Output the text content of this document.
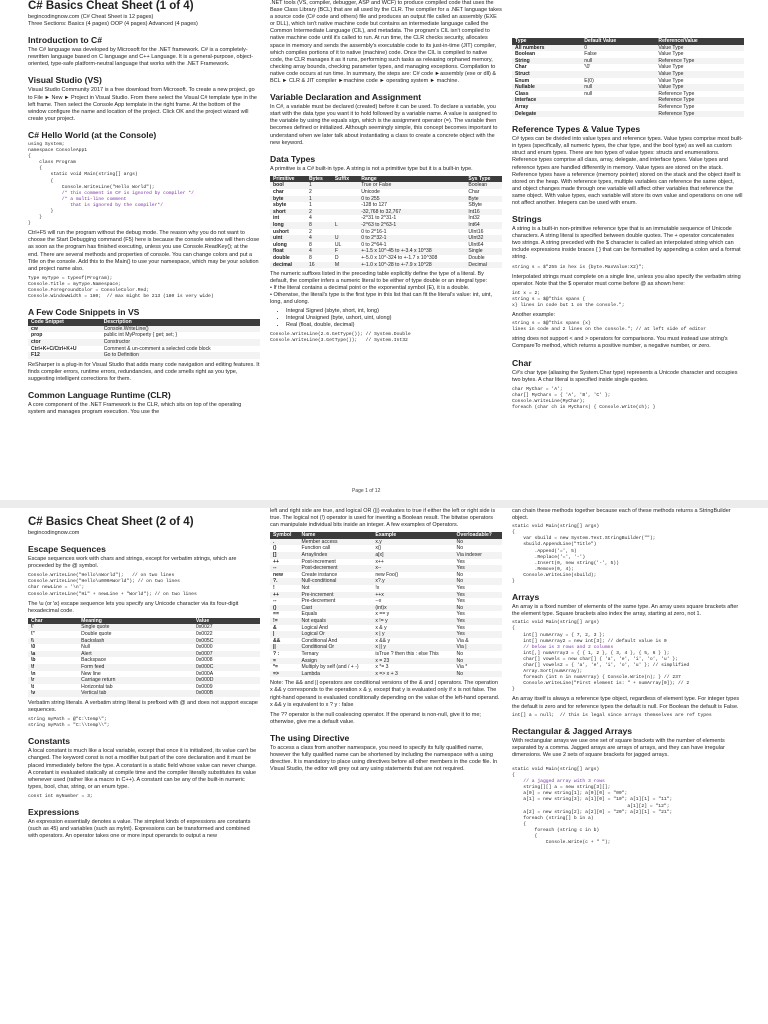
C# Basics Cheat Sheet (1 of 4)

begincodingnow.com (C# Cheat Sheet is 12 pages)

Three Sections: Basics (4 pages) OOP (4 pages) Advanced (4 pages)

Introduction to C#

The C# language was developed by Microsoft for the .NET framework. C# is a completely-rewritten language based on C language and C++ Language. It is a general-purpose, object-oriented, type-safe platform-neutral language that works with the .NET Framework.

Visual Studio (VS)

Visual Studio Community 2017 is a free download from Microsoft. To create a new project, go to File ► New ► Project in Visual Studio. From there select the Visual C# template type in the left frame. Then select the Console App template in the right frame. At the bottom of the window configure the name and location of the project. Click OK and the project wizard will create your project.

C# Hello World (at the Console)
using System;
namespace ConsoleApp1
{
class Program
{
static void Main(string[] args)
{
Console.WriteLine("Hello World");
/* this comment in C# is ignored by compiler */
/* a multi-line comment
that is ignored by the compiler*/
}
}
}

Ctrl+F5 will run the program without the debug mode. The reason why you do not want to choose the Start Debugging command (F5) here is because the console window will then close as soon as the program has finished executing, unless you use Console.ReadKey(); at the end. There are several methods and properties of console. You can change colors and put a Title on the console. Add this to the Main() to use your namespace, which may be your solution and project name also.

Type myType = typeof(Program);
Console.Title = myType.Namespace;
Console.ForegroundColor = ConsoleColor.Red;
Console.WindowWidth = 180;  // max might be 213 (180 is very wide)
A Few Code Snippets in VS
Code Snippet	Description
cw	Console.WriteLine()
prop	public int MyProperty { get; set; }
ctor	Constructor
Ctrl+K+C/Ctrl+K+U	Comment & un-comment a selected code block
F12	Go to Definition

ReSharper is a plug-in for Visual Studio that adds many code navigation and editing features. It finds compiler errors, runtime errors, redundancies, and code smells right as you type, suggesting intelligent corrections for them.

Common Language Runtime (CLR)

A core component of the .NET Framework is the CLR, which sits on top of the operating system and manages program execution. You use the

.NET tools (VS, compiler, debugger, ASP and WCF) to produce compiled code that uses the Base Class Library (BCL) that are all used by the CLR. The compiler for a .NET language takes a source code (C# code and others) file and produces an output file called an assembly (EXE or DLL), which isn't native machine code but contains an intermediate language called the Common Intermediate Language (CIL), and metadata. The program's CIL isn't compiled to native machine code until it's called to run. At run time, the CLR checks security, allocates space in memory and sends the assembly's executable code to its just-in-time (JIT) compiler, which compiles portions of it to native (machine) code. Once the CIL is compiled to native code, the CLR manages it as it runs, performing such tasks as releasing orphaned memory, checking array bounds, checking parameter types, and managing exceptions. Compilation to native code occurs at run time. In summary, the steps are: C# code ►assembly (exe or dll) & BCL ► CLR & JIT compiler ►machine code ► operating system ► machine.

Variable Declaration and Assignment

In C#, a variable must be declared (created) before it can be used. To declare a variable, you start with the data type you want it to hold followed by a variable name. A value is assigned to the variable by using the equals sign, which is the assignment operator (=). The variable then becomes defined or initialized. Although seemingly simple, this concept becomes important to understand when we later talk about instantiating a class to create a concrete object with the new keyword.

Data Types

A primitive is a C# built-in type. A string is not a primitive type but it is a built-in type.

Primitive	Bytes	Suffix	Range	Sys Type
bool	1		True or False	Boolean
char	2		Unicode	Char
byte	1		0 to 255	Byte
sbyte	1		-128 to 127	SByte
short	2		-32,768 to 32,767	Int16
int	4		-2^31 to 2^31-1	Int32
long	8	L	-2^63 to 2^63-1	Int64
ushort	2		0 to 2^16-1	UInt16
uint	4	U	0 to 2^32-1	UInt32
ulong	8	UL	0 to 2^64-1	UInt64
float	4	F	+-1.5 x 10^-45 to +-3.4 x 10^38	Single
double	8	D	+-5.0 x 10^-324 to +-1.7 x 10^308	Double
decimal	16	M	+-1.0 x 10^-28 to +-7.9 x 10^28	Decimal

The numeric suffixes listed in the preceding table explicitly define the type of a literal. By default, the compiler infers a numeric literal to be either of type double or an integral type:

• If the literal contains a decimal point or the exponential symbol (E), it is a double.

• Otherwise, the literal's type is the first type in this list that can fit the literal's value: int, uint, long, and ulong.

• Integral Signed (sbyte, short, int, long)
• Integral Unsigned (byte, ushort, uint, ulong)
• Real (float, double, decimal)
Console.WriteLine(2.6.GetType()); // System.Double
Console.WriteLine(3.GetType());   // System.Int32
Type	Default Value	Reference/Value
All numbers	0	Value Type
Boolean	False	Value Type
String	null	Reference Type
Char	'\0'	Value Type
Struct		Value Type
Enum	E(0)	Value Type
Nullable	null	Value Type
Class	null	Reference Type
Interface		Reference Type
Array		Reference Type
Delegate		Reference Type
Reference Types & Value Types

C# types can be divided into value types and reference types. Value types comprise most built-in types (specifically, all numeric types, the char type, and the bool type) as well as custom struct and enum types. There are two types of value types: structs and enumerations. Reference types comprise all class, array, delegate, and interface types. Value types and reference types are handled differently in memory. Value types are stored on the stack. Reference types have a reference (memory pointer) stored on the stack and the object itself is stored on the heap. With reference types, multiple variables can reference the same object, and object changes made through one variable will affect other variables that reference the same object. With value types, each variable will store its own value and operations on one will not affect another. Integers can be used with enum.

Strings

A string is a built-in non-primitive reference type that is an immutable sequence of Unicode characters. A string literal is specified between double quotes. The + operator concatenates two strings. A string preceded with the $ character is called an interpolated string which can include expressions inside braces { } that can be formatted by appending a colon and a format string.

string s = $"255 in hex is {byte.MaxValue:X2}";

Interpolated strings must complete on a single line, unless you also specify the verbatim string operator. Note that the $ operator must come before @ as shown here:

int x = 2;
string s = $@"this spans {
x} lines in code but 1 on the console.";

Another example:

string s = $@"this spans {x}
lines in code and 2 lines on the console."; // at left side of editor

string does not support < and > operators for comparisons. You must instead use string's CompareTo method, which returns a positive number, a negative number, or zero.

Char

C#'s char type (aliasing the System.Char type) represents a Unicode character and occupies two bytes. A char literal is specified inside single quotes.

char MyChar = 'A';
char[] MyChars = { 'A', 'B', 'C' };
Console.WriteLine(MyChar);
foreach (char ch in MyChars) { Console.Write(ch); }
Page 1 of 12
C# Basics Cheat Sheet (2 of 4)

begincodingnow.com

Escape Sequences

Escape sequences work with chars and strings, except for verbatim strings, which are proceeded by the @ symbol.

Console.WriteLine("Hello\nWorld");   // on two lines
Console.WriteLine("Hello\u000AWorld"); // on two lines
char newLine = '\n';
Console.WriteLine("Hi" + newLine + "World"); // on two lines

The \u (or \x) escape sequence lets you specify any Unicode character via its four-digit hexadecimal code.

Char	Meaning	Value
\'	Single quote	0x0027
\"	Double quote	0x0022
\\	Backslash	0x005C
\0	Null	0x0000
\a	Alert	0x0007
\b	Backspace	0x0008
\f	Form feed	0x000C
\n	New line	0x000A
\r	Carriage return	0x000D
\t	Horizontal tab	0x0009
\v	Vertical tab	0x000B

Verbatim string literals. A verbatim string literal is prefixed with @ and does not support escape sequences.

string myPath = @"C:\temp\";
string myPath = "C:\\temp\\";
Constants

A local constant is much like a local variable, except that once it is initialized, its value can't be changed. The keyword const is not a modifier but part of the core declaration and it must be placed immediately before the type. A constant is a static field whose value can never change. A constant is evaluated statically at compile time and the compiler literally substitutes its value whenever used (rather like a macro in C++). A constant can be any of the built-in numeric types, bool, char, string, or an enum type.

const int myNumber = 3;
Expressions

An expression essentially denotes a value. The simplest kinds of expressions are constants (such as 45) and variables (such as myInt). Expressions can be transformed and combined with operators. An operator takes one or more input operands to output a new

left and right side are true, and logical OR (||) evaluates to true if either the left or right side is true. The logical not (!) operator is used for inverting a Boolean result. The bitwise operators can manipulate individual bits inside an integer. A few examples of Operators.

Symbol	Name	Example	Overloadable?
.	Member access	x.y	No
()	Function call	x()	No
[]	Array/index	a[x]	Via indexer
++	Post-increment	x++	Yes
--	Post-decrement	x--	Yes
new	Create instance	new Foo()	No
?.	Null-conditional	x?.y	No
!	Not	!x	Yes
++	Pre-increment	++x	Yes
--	Pre-decrement	--x	Yes
()	Cast	(int)x	No
==	Equals	x == y	Yes
!=	Not equals	x != y	Yes
&	Logical And	x & y	Yes
|	Logical Or	x | y	Yes
&&	Conditional And	x && y	Via &
||	Conditional Or	x || y	Via |
? :	Ternary	isTrue ? then this : else This	No
=	Assign	x = 23	No
*=	Multiply by self (and / + -)	x *= 3	Via *
=>	Lambda	x => x + 3	No

Note: The && and || operators are conditional versions of the & and | operators. The operation x && y corresponds to the operation x & y, except that y is evaluated only if x is not false. The right-hand operand is evaluated conditionally depending on the value of the left-hand operand. x && y is equivalent to x ? y : false

The ?? operator is the null coalescing operator. If the operand is non-null, give it to me; otherwise, give me a default value.

The using Directive

To access a class from another namespace, you need to specify its fully qualified name, however the fully qualified name can be shortened by including the namespace with a using directive. It is mandatory to place using directives before all other members in the code file. In Visual Studio, the editor will grey out any using statements that are not required.

can chain these methods together because each of these methods returns a StringBuilder object.

static void Main(string[] args)
{
var sbuild = new System.Text.StringBuilder("");
sbuild.AppendLine("Title")
.Append('=', 5)
.Replace('=', '-')
.Insert(0, new string('-', 5))
.Remove(0, 4);
Console.WriteLine(sbuild);
}
Arrays

An array is a fixed number of elements of the same type. An array uses square brackets after the element type. Square brackets also index the array, starting at zero, not 1.

static void Main(string[] args)
{
int[] numArray = { 7, 2, 3 };
int[] numArray2 = new int[3]; // default value is 0
// below is 3 rows and 2 columns
int[,] numArray3 = { { 1, 2 }, { 3, 4 }, { 5, 6 } };
char[] vowels = new char[] { 'a', 'e', 'i', 'o', 'u' };
char[] vowels2 = { 'a', 'e', 'i', 'o', 'u' }; // simplified
Array.Sort(numArray);
foreach (int n in numArray) { Console.Write(n); } // 237
Console.WriteLine("First element is: " + numArray[0]); // 2
}

An array itself is always a reference type object, regardless of element type. For integer types the default is zero and for reference types the default is null. For Boolean the default is False.

int[] a = null;  // this is legal since arrays themselves are ref types
Rectangular & Jagged Arrays

With rectangular arrays we use one set of square brackets with the number of elements separated by a comma. Jagged arrays are arrays of arrays, and they can have irregular dimensions. We use 2 sets of square brackets for jagged arrays.

static void Main(string[] args)
{
// a jagged array with 3 rows
string[][] a = new string[3][];
a[0] = new string[1]; a[0][0] = "00";
a[1] = new string[3]; a[1][0] = "10"; a[1][1] = "11";
a[1][2] = "12";
a[2] = new string[2]; a[2][0] = "20"; a[2][1] = "21";
foreach (string[] b in a)
{
foreach (string c in b)
{
Console.Write(c + " ");
